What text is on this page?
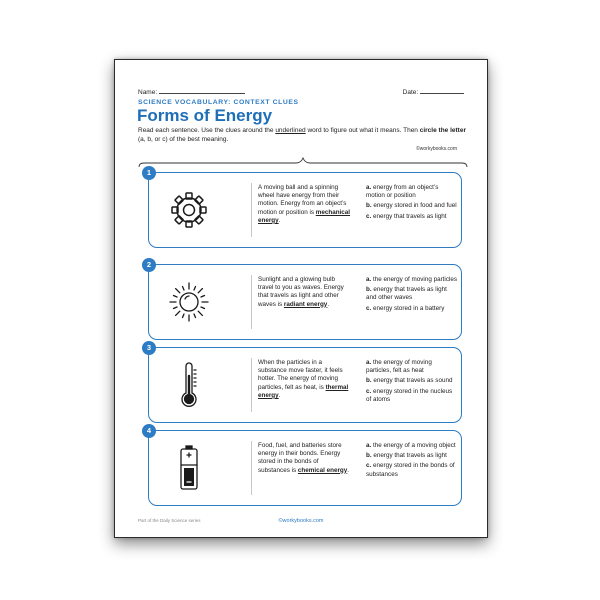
Name:	Date:
SCIENCE VOCABULARY: CONTEXT CLUES
Forms of Energy
Read each sentence. Use the clues around the underlined word to figure out what it means. Then circle the letter (a, b, or c) of the best meaning.
©workybooks.com
1
A moving ball and a spinning wheel have energy from their motion. Energy from an object’s motion or position is mechanical energy.
a. energy from an object’s motion or position
b. energy stored in food and fuel
c. energy that travels as light
2
Sunlight and a glowing bulb travel to you as waves. Energy that travels as light and other waves is radiant energy.
a. the energy of moving particles
b. energy that travels as light and other waves
c. energy stored in a battery
3
When the particles in a substance move faster, it feels hotter. The energy of moving particles, felt as heat, is thermal energy.
a. the energy of moving particles, felt as heat
b. energy that travels as sound
c. energy stored in the nucleus of atoms
4
Food, fuel, and batteries store energy in their bonds. Energy stored in the bonds of substances is chemical energy.
a. the energy of a moving object
b. energy that travels as light
c. energy stored in the bonds of substances
Part of the Daily Science series	©workybooks.com
